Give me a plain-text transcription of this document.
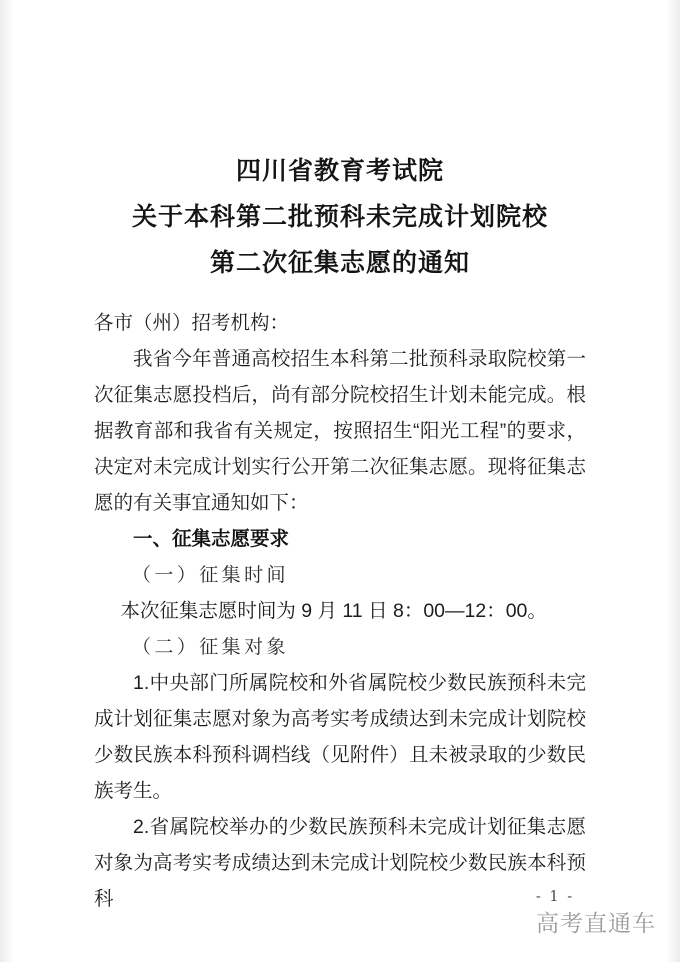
四川省教育考试院
关于本科第二批预科未完成计划院校
第二次征集志愿的通知

各市（州）招考机构：

我省今年普通高校招生本科第二批预科录取院校第一次征集志愿投档后，尚有部分院校招生计划未能完成。根据教育部和我省有关规定，按照招生“阳光工程”的要求，决定对未完成计划实行公开第二次征集志愿。现将征集志愿的有关事宜通知如下：

一、征集志愿要求

（一）征集时间

本次征集志愿时间为 9 月 11 日 8：00—12：00。

（二）征集对象

1.中央部门所属院校和外省属院校少数民族预科未完成计划征集志愿对象为高考实考成绩达到未完成计划院校少数民族本科预科调档线（见附件）且未被录取的少数民族考生。

2.省属院校举办的少数民族预科未完成计划征集志愿对象为高考实考成绩达到未完成计划院校少数民族本科预科	- 1 -
高考直通车
